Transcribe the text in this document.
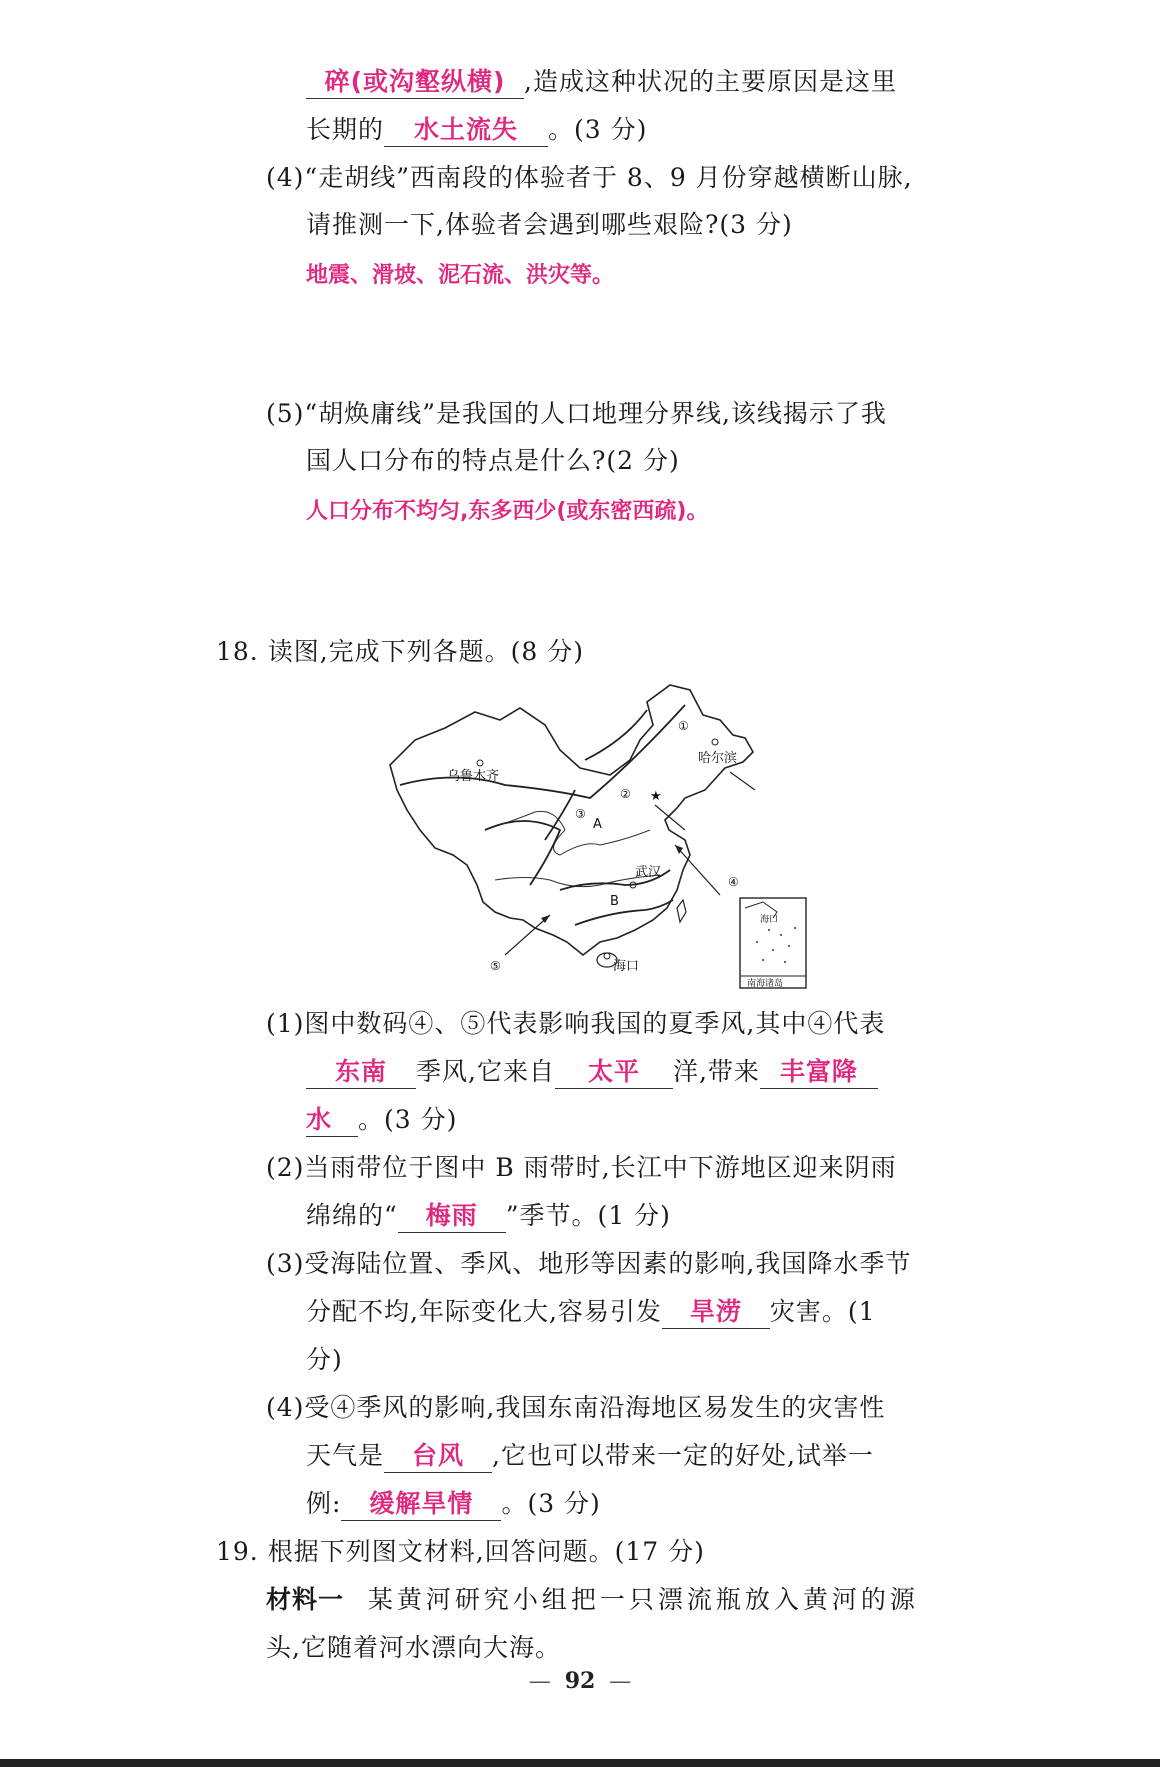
碎(或沟壑纵横) ,造成这种状况的主要原因是这里
长期的 水土流失 。(3 分)
(4)“走胡线”西南段的体验者于 8、9 月份穿越横断山脉,
请推测一下,体验者会遇到哪些艰险?(3 分)
地震、滑坡、泥石流、洪灾等。
(5)“胡焕庸线”是我国的人口地理分界线,该线揭示了我
国人口分布的特点是什么?(2 分)
人口分布不均匀,东多西少(或东密西疏)。
18. 读图,完成下列各题。(8 分)
★
乌鲁木齐
哈尔滨
武汉
海口
A
B
①
②
③
④
⑤
海口
南海诸岛
(1)图中数码④、⑤代表影响我国的夏季风,其中④代表
东南 季风,它来自 太平 洋,带来 丰富降
水 。(3 分)
(2)当雨带位于图中 B 雨带时,长江中下游地区迎来阴雨
绵绵的“ 梅雨 ”季节。(1 分)
(3)受海陆位置、季风、地形等因素的影响,我国降水季节
分配不均,年际变化大,容易引发 旱涝 灾害。(1
分)
(4)受④季风的影响,我国东南沿海地区易发生的灾害性
天气是 台风 ,它也可以带来一定的好处,试举一
例: 缓解旱情 。(3 分)
19. 根据下列图文材料,回答问题。(17 分)
材料一 某黄河研究小组把一只漂流瓶放入黄河的源
头,它随着河水漂向大海。
—  92  —
